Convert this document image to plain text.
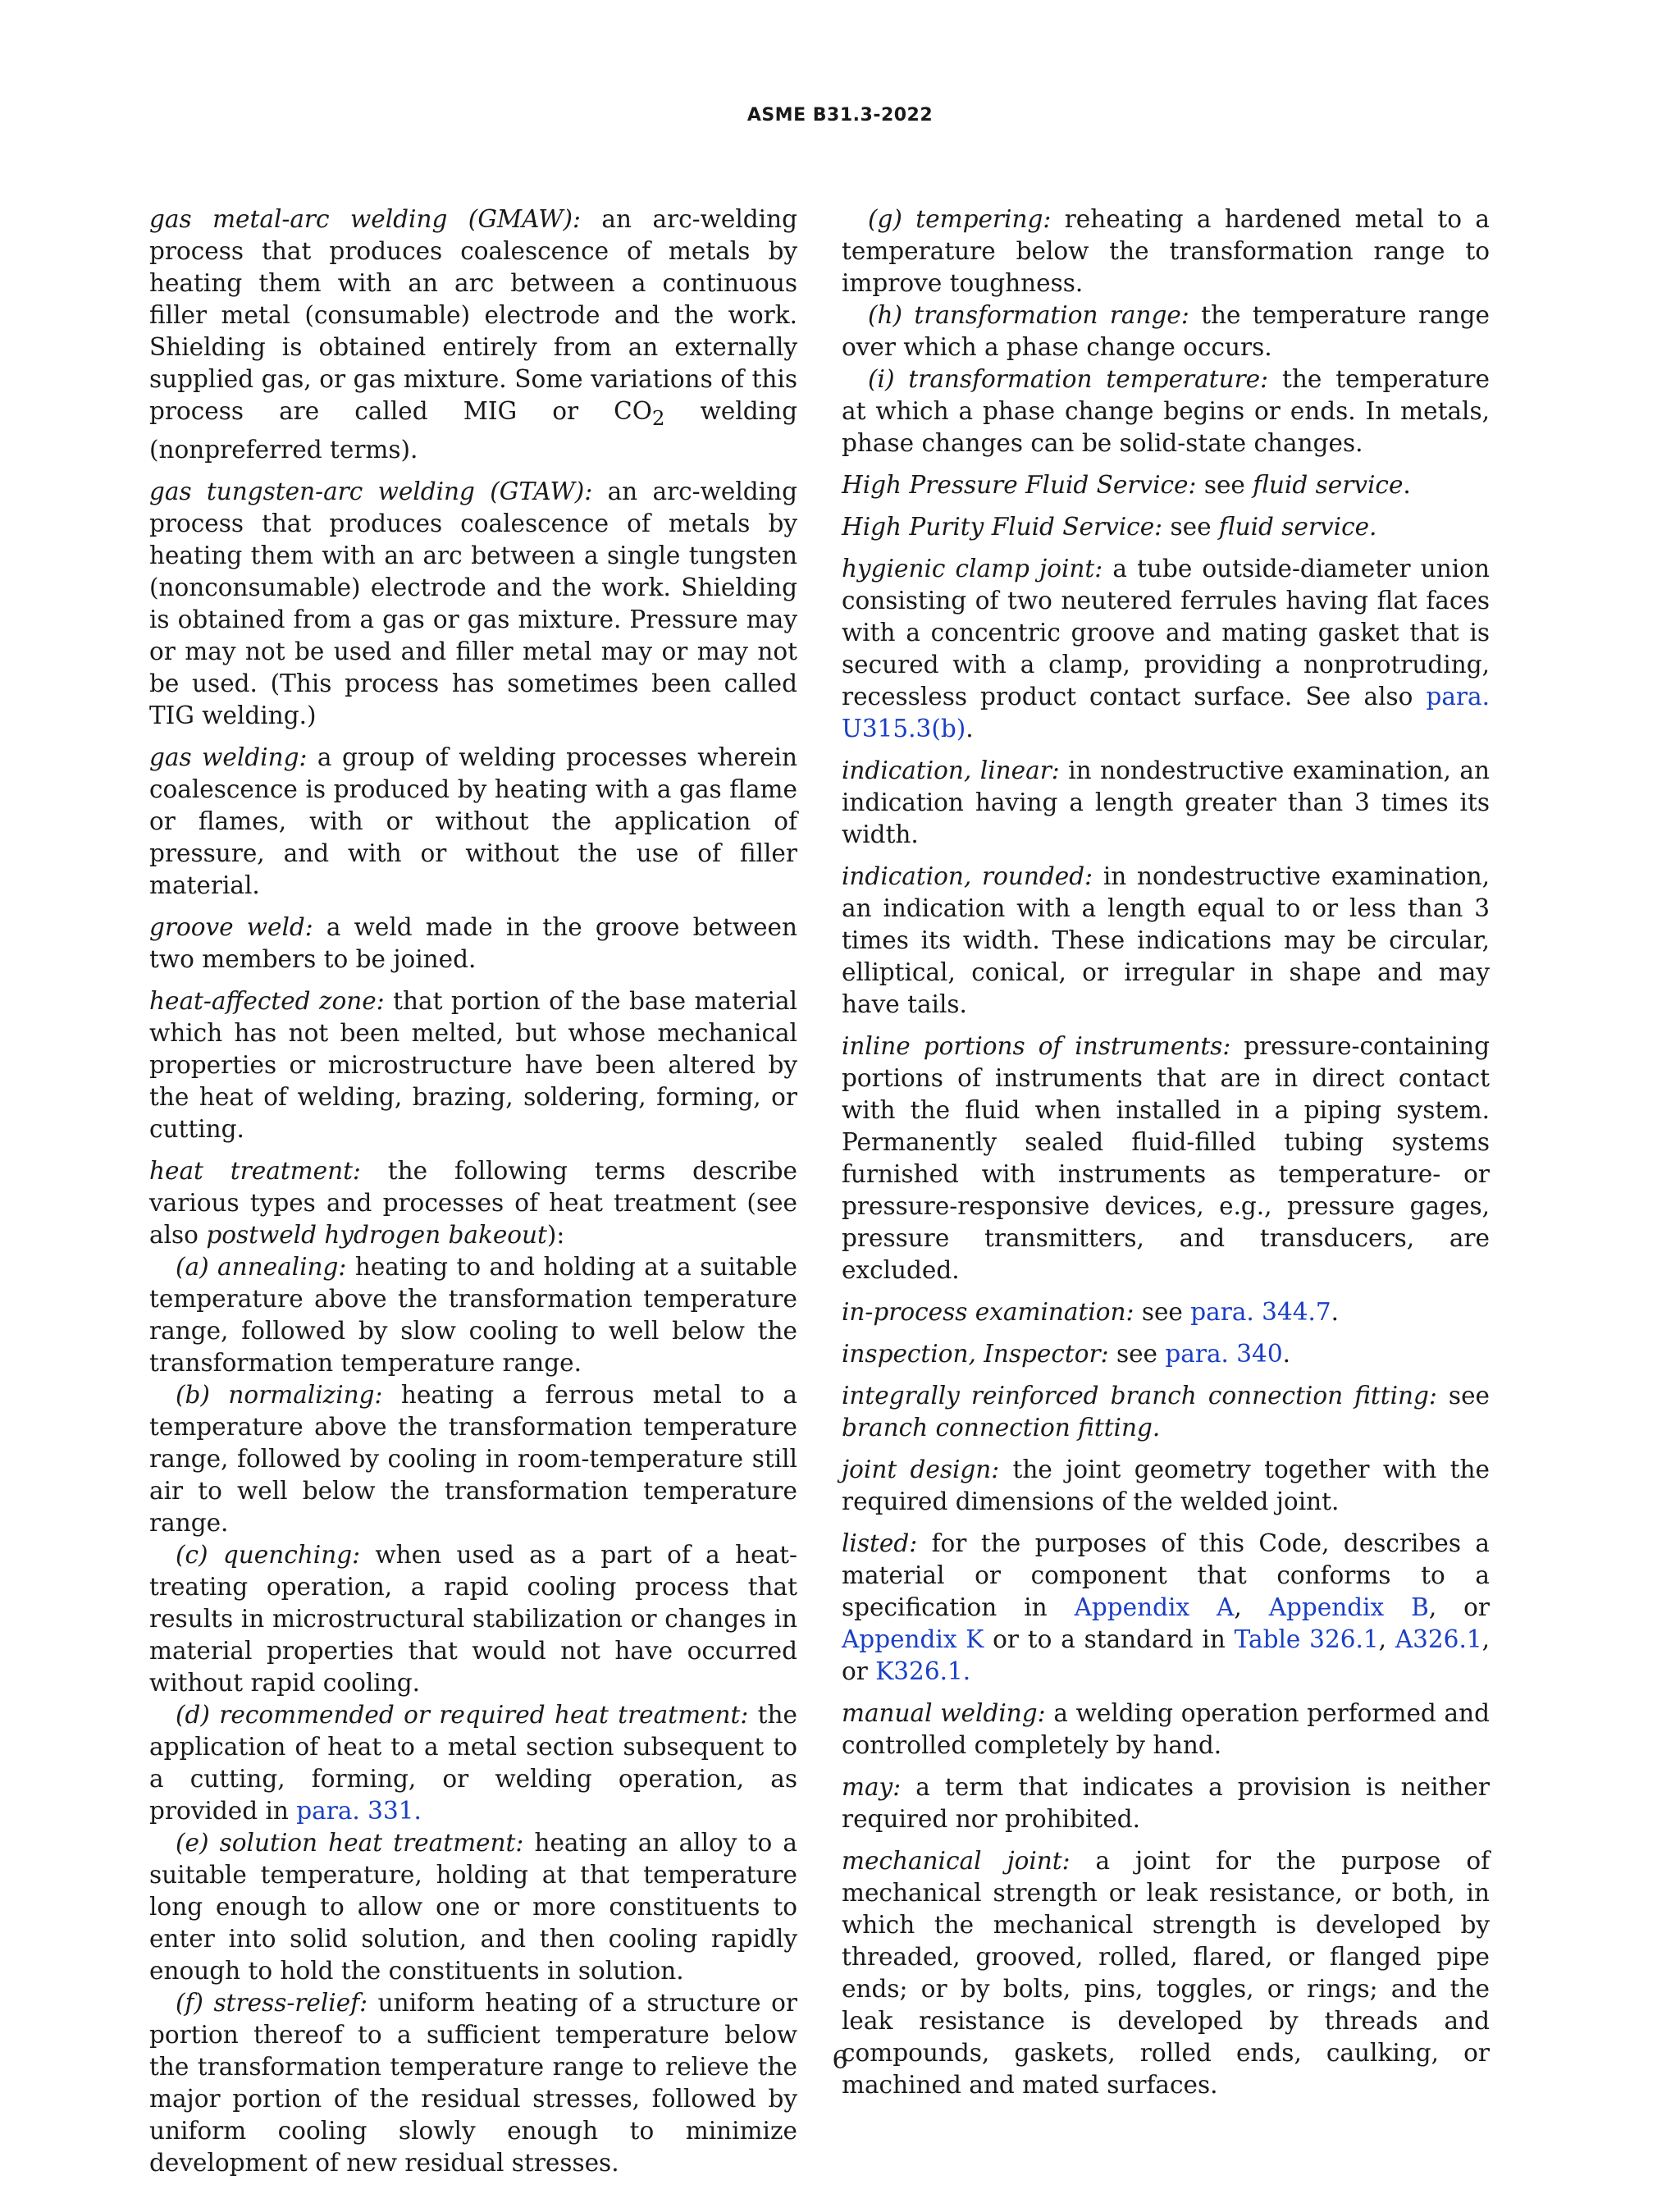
ASME B31.3-2022

gas metal-arc welding (GMAW): an arc-welding process that produces coalescence of metals by heating them with an arc between a continuous filler metal (consumable) electrode and the work. Shielding is obtained entirely from an externally supplied gas, or gas mixture. Some variations of this process are called MIG or $CO_2$ welding (nonpreferred terms).

gas tungsten-arc welding (GTAW): an arc-welding process that produces coalescence of metals by heating them with an arc between a single tungsten (nonconsumable) electrode and the work. Shielding is obtained from a gas or gas mixture. Pressure may or may not be used and filler metal may or may not be used. (This process has sometimes been called TIG welding.)

gas welding: a group of welding processes wherein coalescence is produced by heating with a gas flame or flames, with or without the application of pressure, and with or without the use of filler material.

groove weld: a weld made in the groove between two members to be joined.

heat-affected zone: that portion of the base material which has not been melted, but whose mechanical properties or microstructure have been altered by the heat of welding, brazing, soldering, forming, or cutting.

heat treatment: the following terms describe various types and processes of heat treatment (see also postweld hydrogen bakeout):

(a) annealing: heating to and holding at a suitable temperature above the transformation temperature range, followed by slow cooling to well below the transformation temperature range.

(b) normalizing: heating a ferrous metal to a temperature above the transformation temperature range, followed by cooling in room-temperature still air to well below the transformation temperature range.

(c) quenching: when used as a part of a heat-treating operation, a rapid cooling process that results in microstructural stabilization or changes in material properties that would not have occurred without rapid cooling.

(d) recommended or required heat treatment: the application of heat to a metal section subsequent to a cutting, forming, or welding operation, as provided in para. 331.

(e) solution heat treatment: heating an alloy to a suitable temperature, holding at that temperature long enough to allow one or more constituents to enter into solid solution, and then cooling rapidly enough to hold the constituents in solution.

(f) stress-relief: uniform heating of a structure or portion thereof to a sufficient temperature below the transformation temperature range to relieve the major portion of the residual stresses, followed by uniform cooling slowly enough to minimize development of new residual stresses.

(g) tempering: reheating a hardened metal to a temperature below the transformation range to improve toughness.

(h) transformation range: the temperature range over which a phase change occurs.

(i) transformation temperature: the temperature at which a phase change begins or ends. In metals, phase changes can be solid-state changes.

High Pressure Fluid Service: see fluid service.

High Purity Fluid Service: see fluid service.

hygienic clamp joint: a tube outside-diameter union consisting of two neutered ferrules having flat faces with a concentric groove and mating gasket that is secured with a clamp, providing a nonprotruding, recessless product contact surface. See also para. U315.3(b).

indication, linear: in nondestructive examination, an indication having a length greater than 3 times its width.

indication, rounded: in nondestructive examination, an indication with a length equal to or less than 3 times its width. These indications may be circular, elliptical, conical, or irregular in shape and may have tails.

inline portions of instruments: pressure-containing portions of instruments that are in direct contact with the fluid when installed in a piping system. Permanently sealed fluid-filled tubing systems furnished with instruments as temperature- or pressure-responsive devices, e.g., pressure gages, pressure transmitters, and transducers, are excluded.

in-process examination: see para. 344.7.

inspection, Inspector: see para. 340.

integrally reinforced branch connection fitting: see branch connection fitting.

joint design: the joint geometry together with the required dimensions of the welded joint.

listed: for the purposes of this Code, describes a material or component that conforms to a specification in Appendix A, Appendix B, or Appendix K or to a standard in Table 326.1, A326.1, or K326.1.

manual welding: a welding operation performed and controlled completely by hand.

may: a term that indicates a provision is neither required nor prohibited.

mechanical joint: a joint for the purpose of mechanical strength or leak resistance, or both, in which the mechanical strength is developed by threaded, grooved, rolled, flared, or flanged pipe ends; or by bolts, pins, toggles, or rings; and the leak resistance is developed by threads and compounds, gaskets, rolled ends, caulking, or machined and mated surfaces.

6
